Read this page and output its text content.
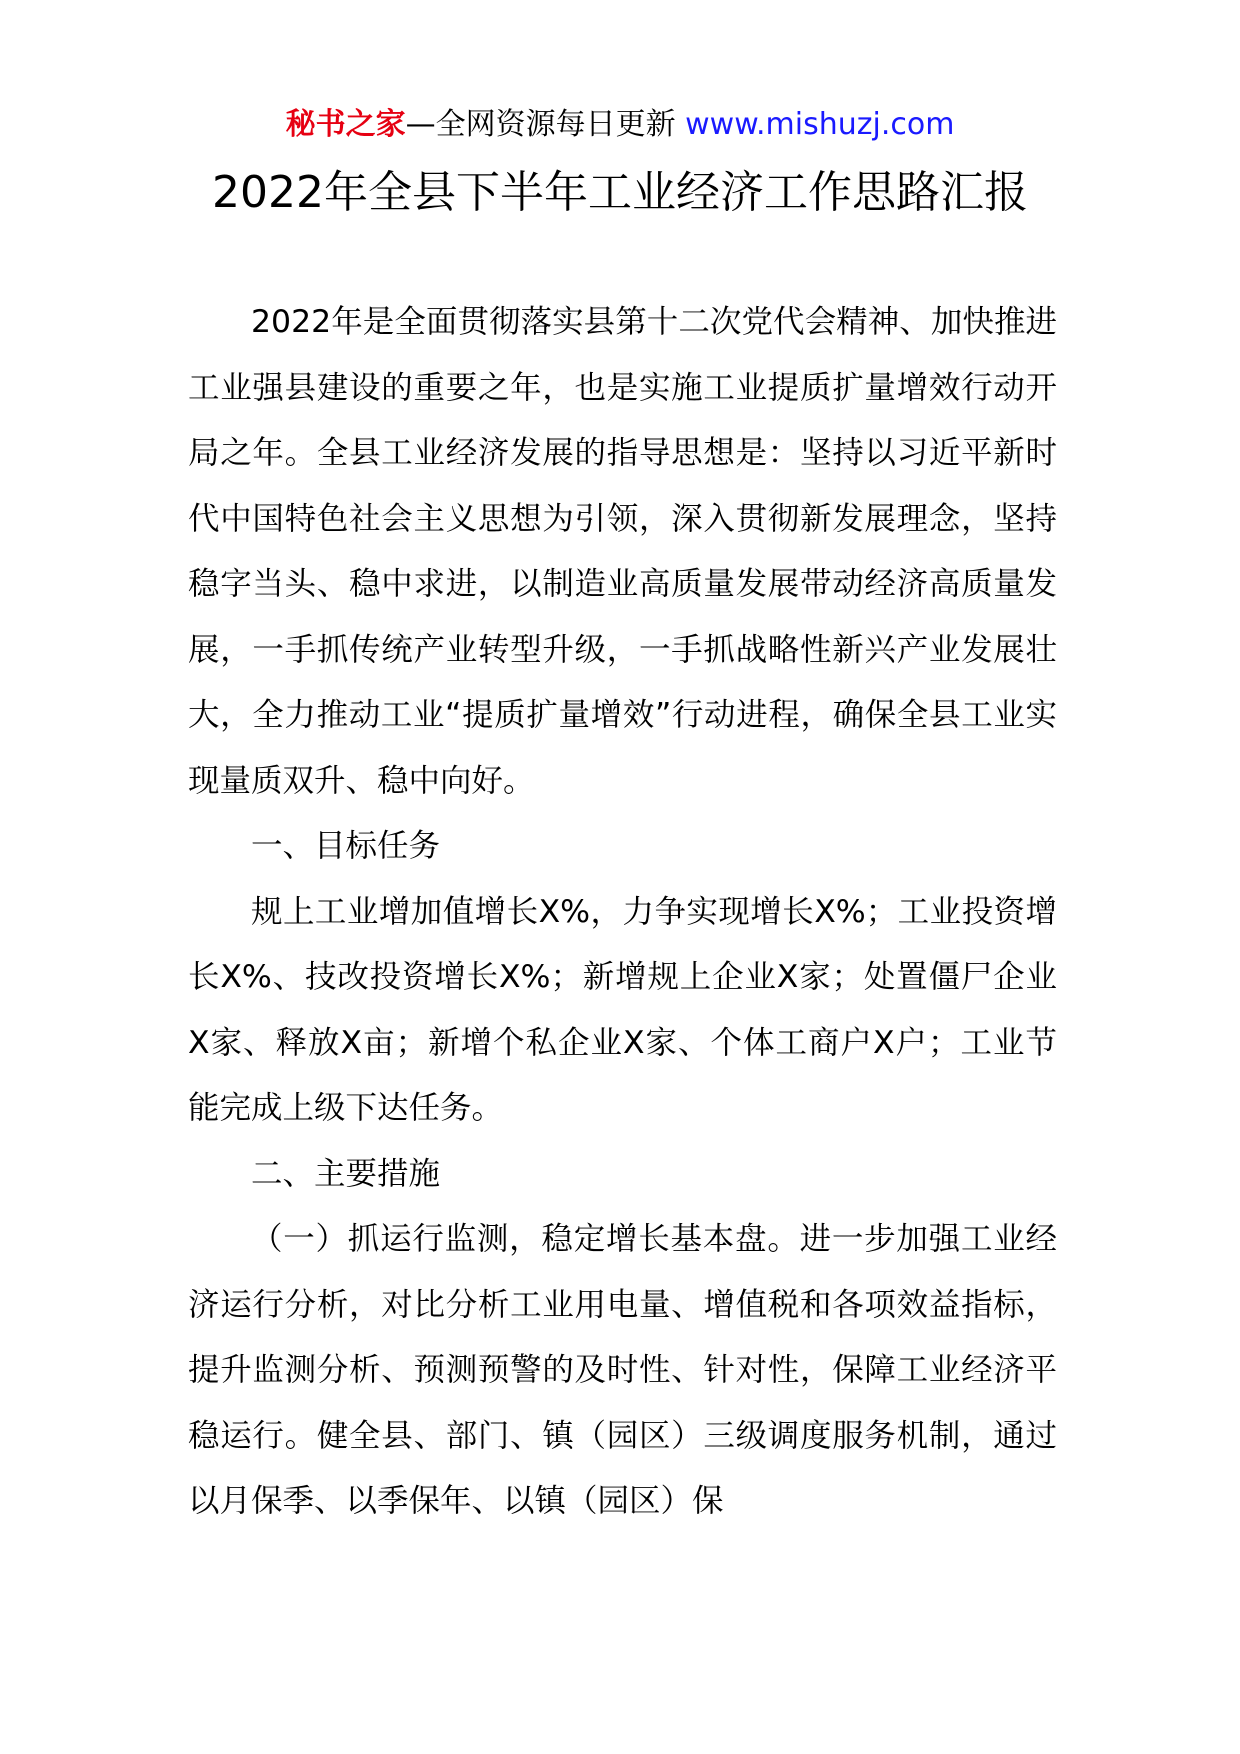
秘书之家—全网资源每日更新 www.mishuzj.com
2022年全县下半年工业经济工作思路汇报

2022年是全面贯彻落实县第十二次党代会精神、加快推进工业强县建设的重要之年，也是实施工业提质扩量增效行动开局之年。全县工业经济发展的指导思想是：坚持以习近平新时代中国特色社会主义思想为引领，深入贯彻新发展理念，坚持稳字当头、稳中求进，以制造业高质量发展带动经济高质量发展，一手抓传统产业转型升级，一手抓战略性新兴产业发展壮大，全力推动工业“提质扩量增效”行动进程，确保全县工业实现量质双升、稳中向好。

一、目标任务

规上工业增加值增长X%，力争实现增长X%；工业投资增长X%、技改投资增长X%；新增规上企业X家；处置僵尸企业X家、释放X亩；新增个私企业X家、个体工商户X户；工业节能完成上级下达任务。

二、主要措施

（一）抓运行监测，稳定增长基本盘。进一步加强工业经济运行分析，对比分析工业用电量、增值税和各项效益指标，提升监测分析、预测预警的及时性、针对性，保障工业经济平稳运行。健全县、部门、镇（园区）三级调度服务机制，通过以月保季、以季保年、以镇（园区）保
